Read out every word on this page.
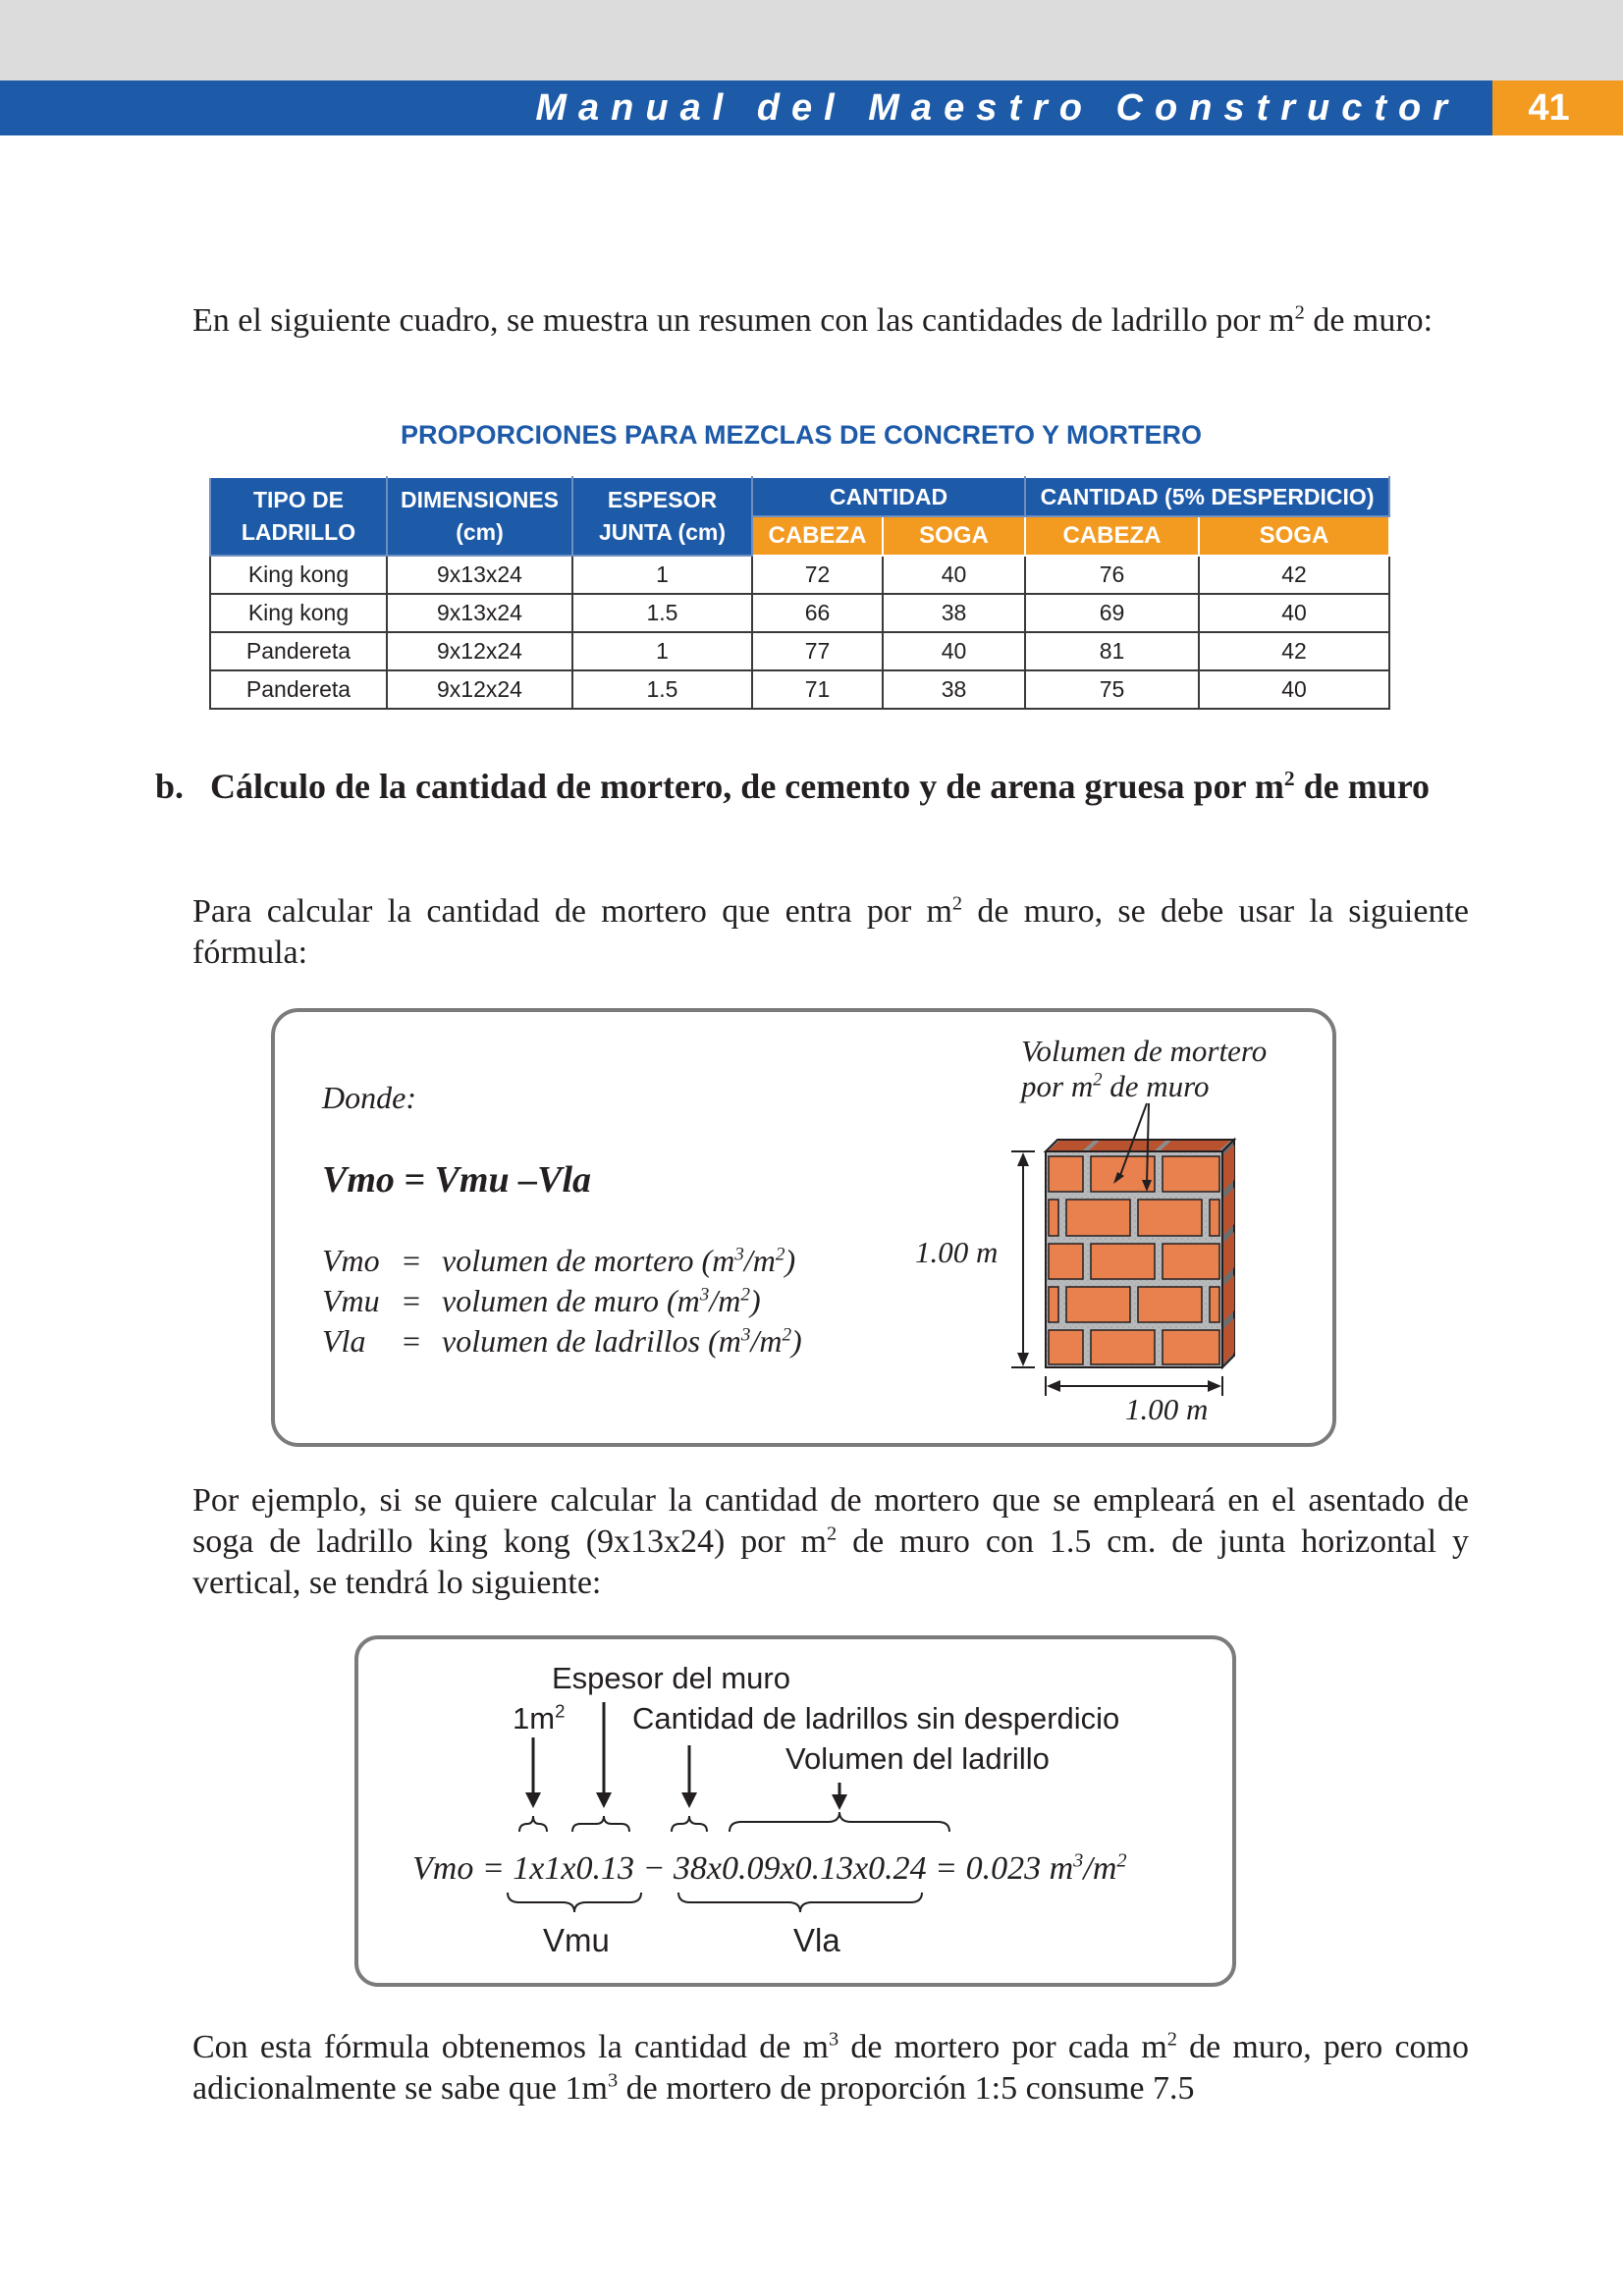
Manual del Maestro Constructor	41
En el siguiente cuadro, se muestra un resumen con las cantidades de ladrillo por $m^2$ de muro:
PROPORCIONES PARA MEZCLAS DE CONCRETO Y MORTERO
TIPO DE LADRILLO	DIMENSIONES (cm)	ESPESOR JUNTA (cm)	CANTIDAD		CANTIDAD (5% DESPERDICIO)	
			CABEZA	SOGA	CABEZA	SOGA
King kong	9x13x24	1	72	40	76	42
King kong	9x13x24	1.5	66	38	69	40
Pandereta	9x12x24	1	77	40	81	42
Pandereta	9x12x24	1.5	71	38	75	40
b. Cálculo de la cantidad de mortero, de cemento y de arena gruesa por $m^2$ de muro
Para calcular la cantidad de mortero que entra por $m^2$ de muro, se debe usar la siguiente fórmula:
Donde:
Vmo = Vmu –Vla
Vmo = volumen de mortero $(m^3/m^2)$
Vmu = volumen de muro $(m^3/m^2)$
Vla = volumen de ladrillos $(m^3/m^2)$
Volumen de mortero
por $m^2$ de muro
1.00 m
1.00 m
Por ejemplo, si se quiere calcular la cantidad de mortero que se empleará en el asentado de soga de ladrillo king kong (9x13x24) por $m^2$ de muro con 1.5 cm. de junta horizontal y vertical, se tendrá lo siguiente:
Espesor del muro
$1m^2$ Cantidad de ladrillos sin desperdicio
Volumen del ladrillo
Vmo = 1x1x0.13 − 38x0.09x0.13x0.24 = 0.023 $m^3/m^2$
Vmu	Vla
Con esta fórmula obtenemos la cantidad de $m^3$ de mortero por cada $m^2$ de muro, pero como adicionalmente se sabe que $1m^3$ de mortero de proporción 1:5 consume 7.5
